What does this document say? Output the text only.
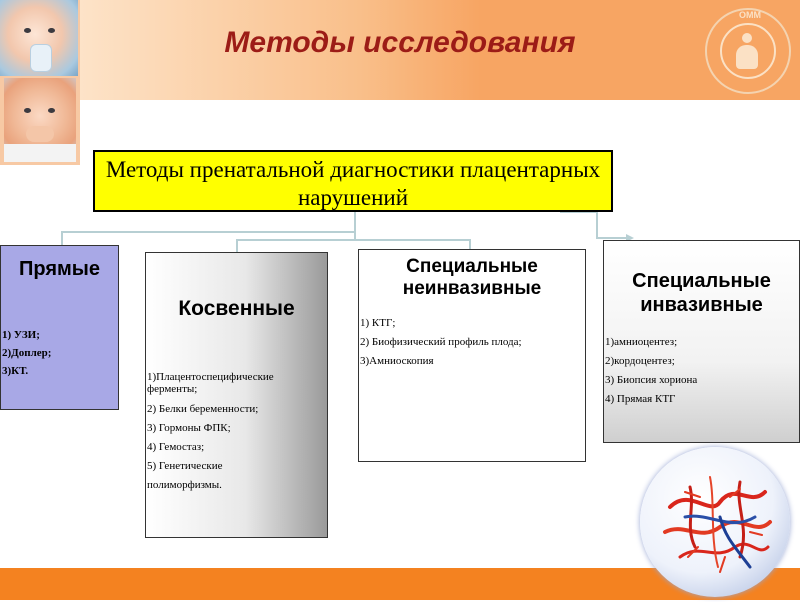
Методы исследования
ОММ
Методы пренатальной диагностики плацентарных нарушений
Прямые
1) УЗИ;
2)Доплер;
3)КТ.
Косвенные
1)Плацентоспецифические ферменты;
2) Белки беременности;
3) Гормоны ФПК;
4) Гемостаз;
5) Генетические
полиморфизмы.
Специальные неинвазивные
1) КТГ;
2) Биофизический профиль плода;
3)Амниоскопия
Специальные инвазивные
1)амниоцентез;
2)кордоцентез;
3) Биопсия хориона
4) Прямая КТГ
